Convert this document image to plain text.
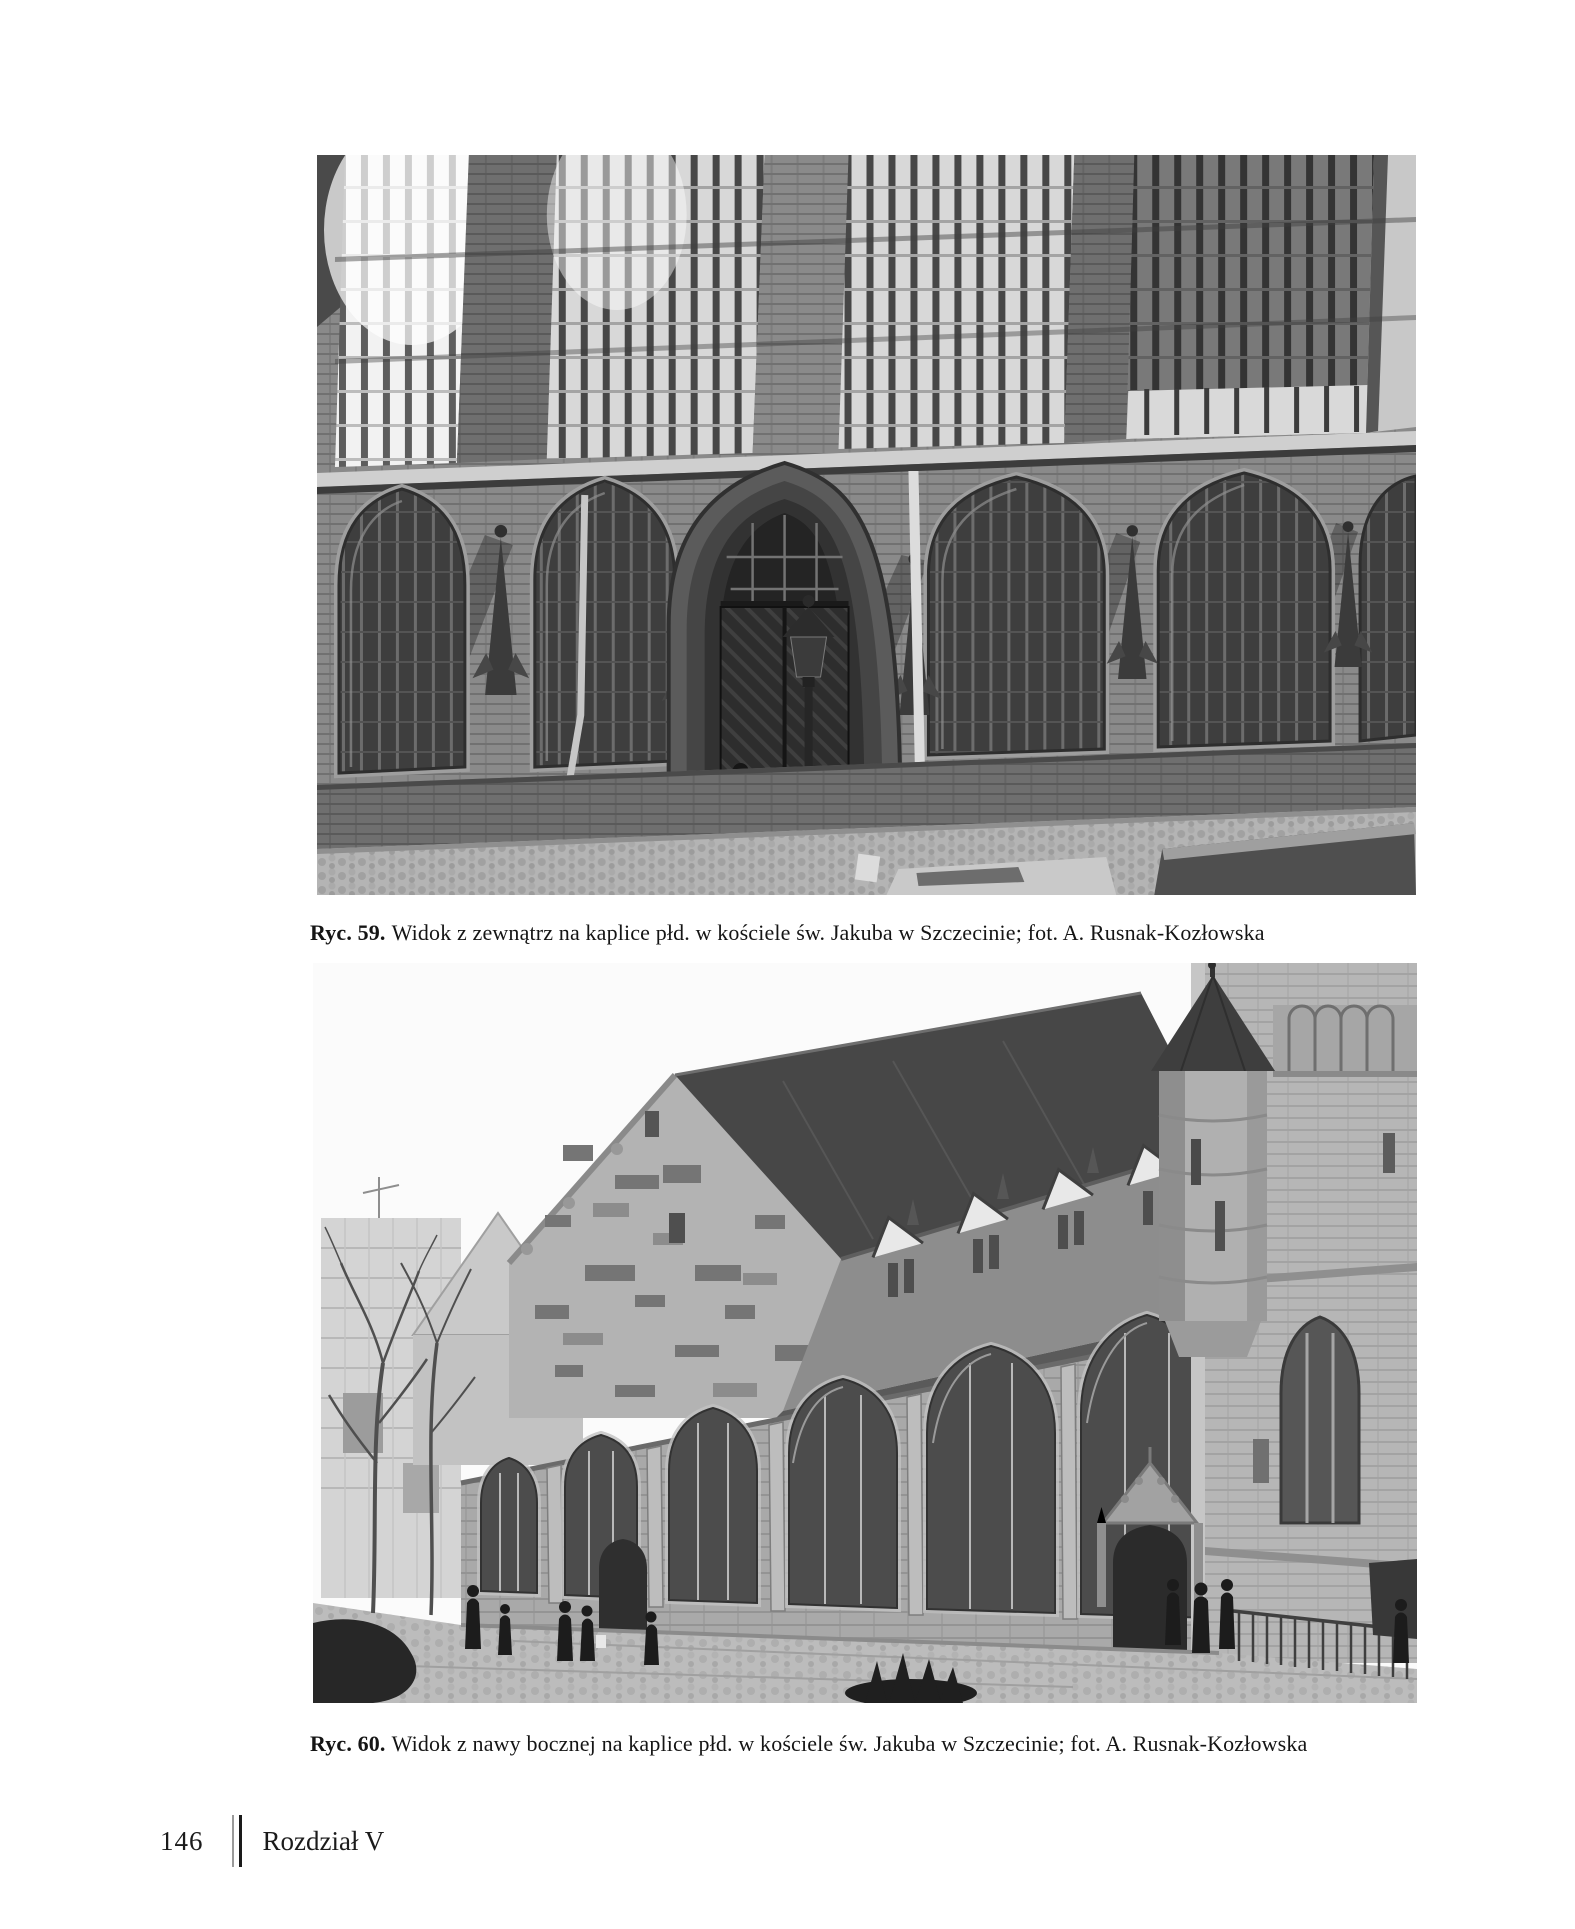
Ryc. 59. Widok z zewnątrz na kaplice płd. w kościele św. Jakuba w Szczecinie; fot. A. Rusnak-Kozłowska
Ryc. 60. Widok z nawy bocznej na kaplice płd. w kościele św. Jakuba w Szczecinie; fot. A. Rusnak-Kozłowska
146 Rozdział V
